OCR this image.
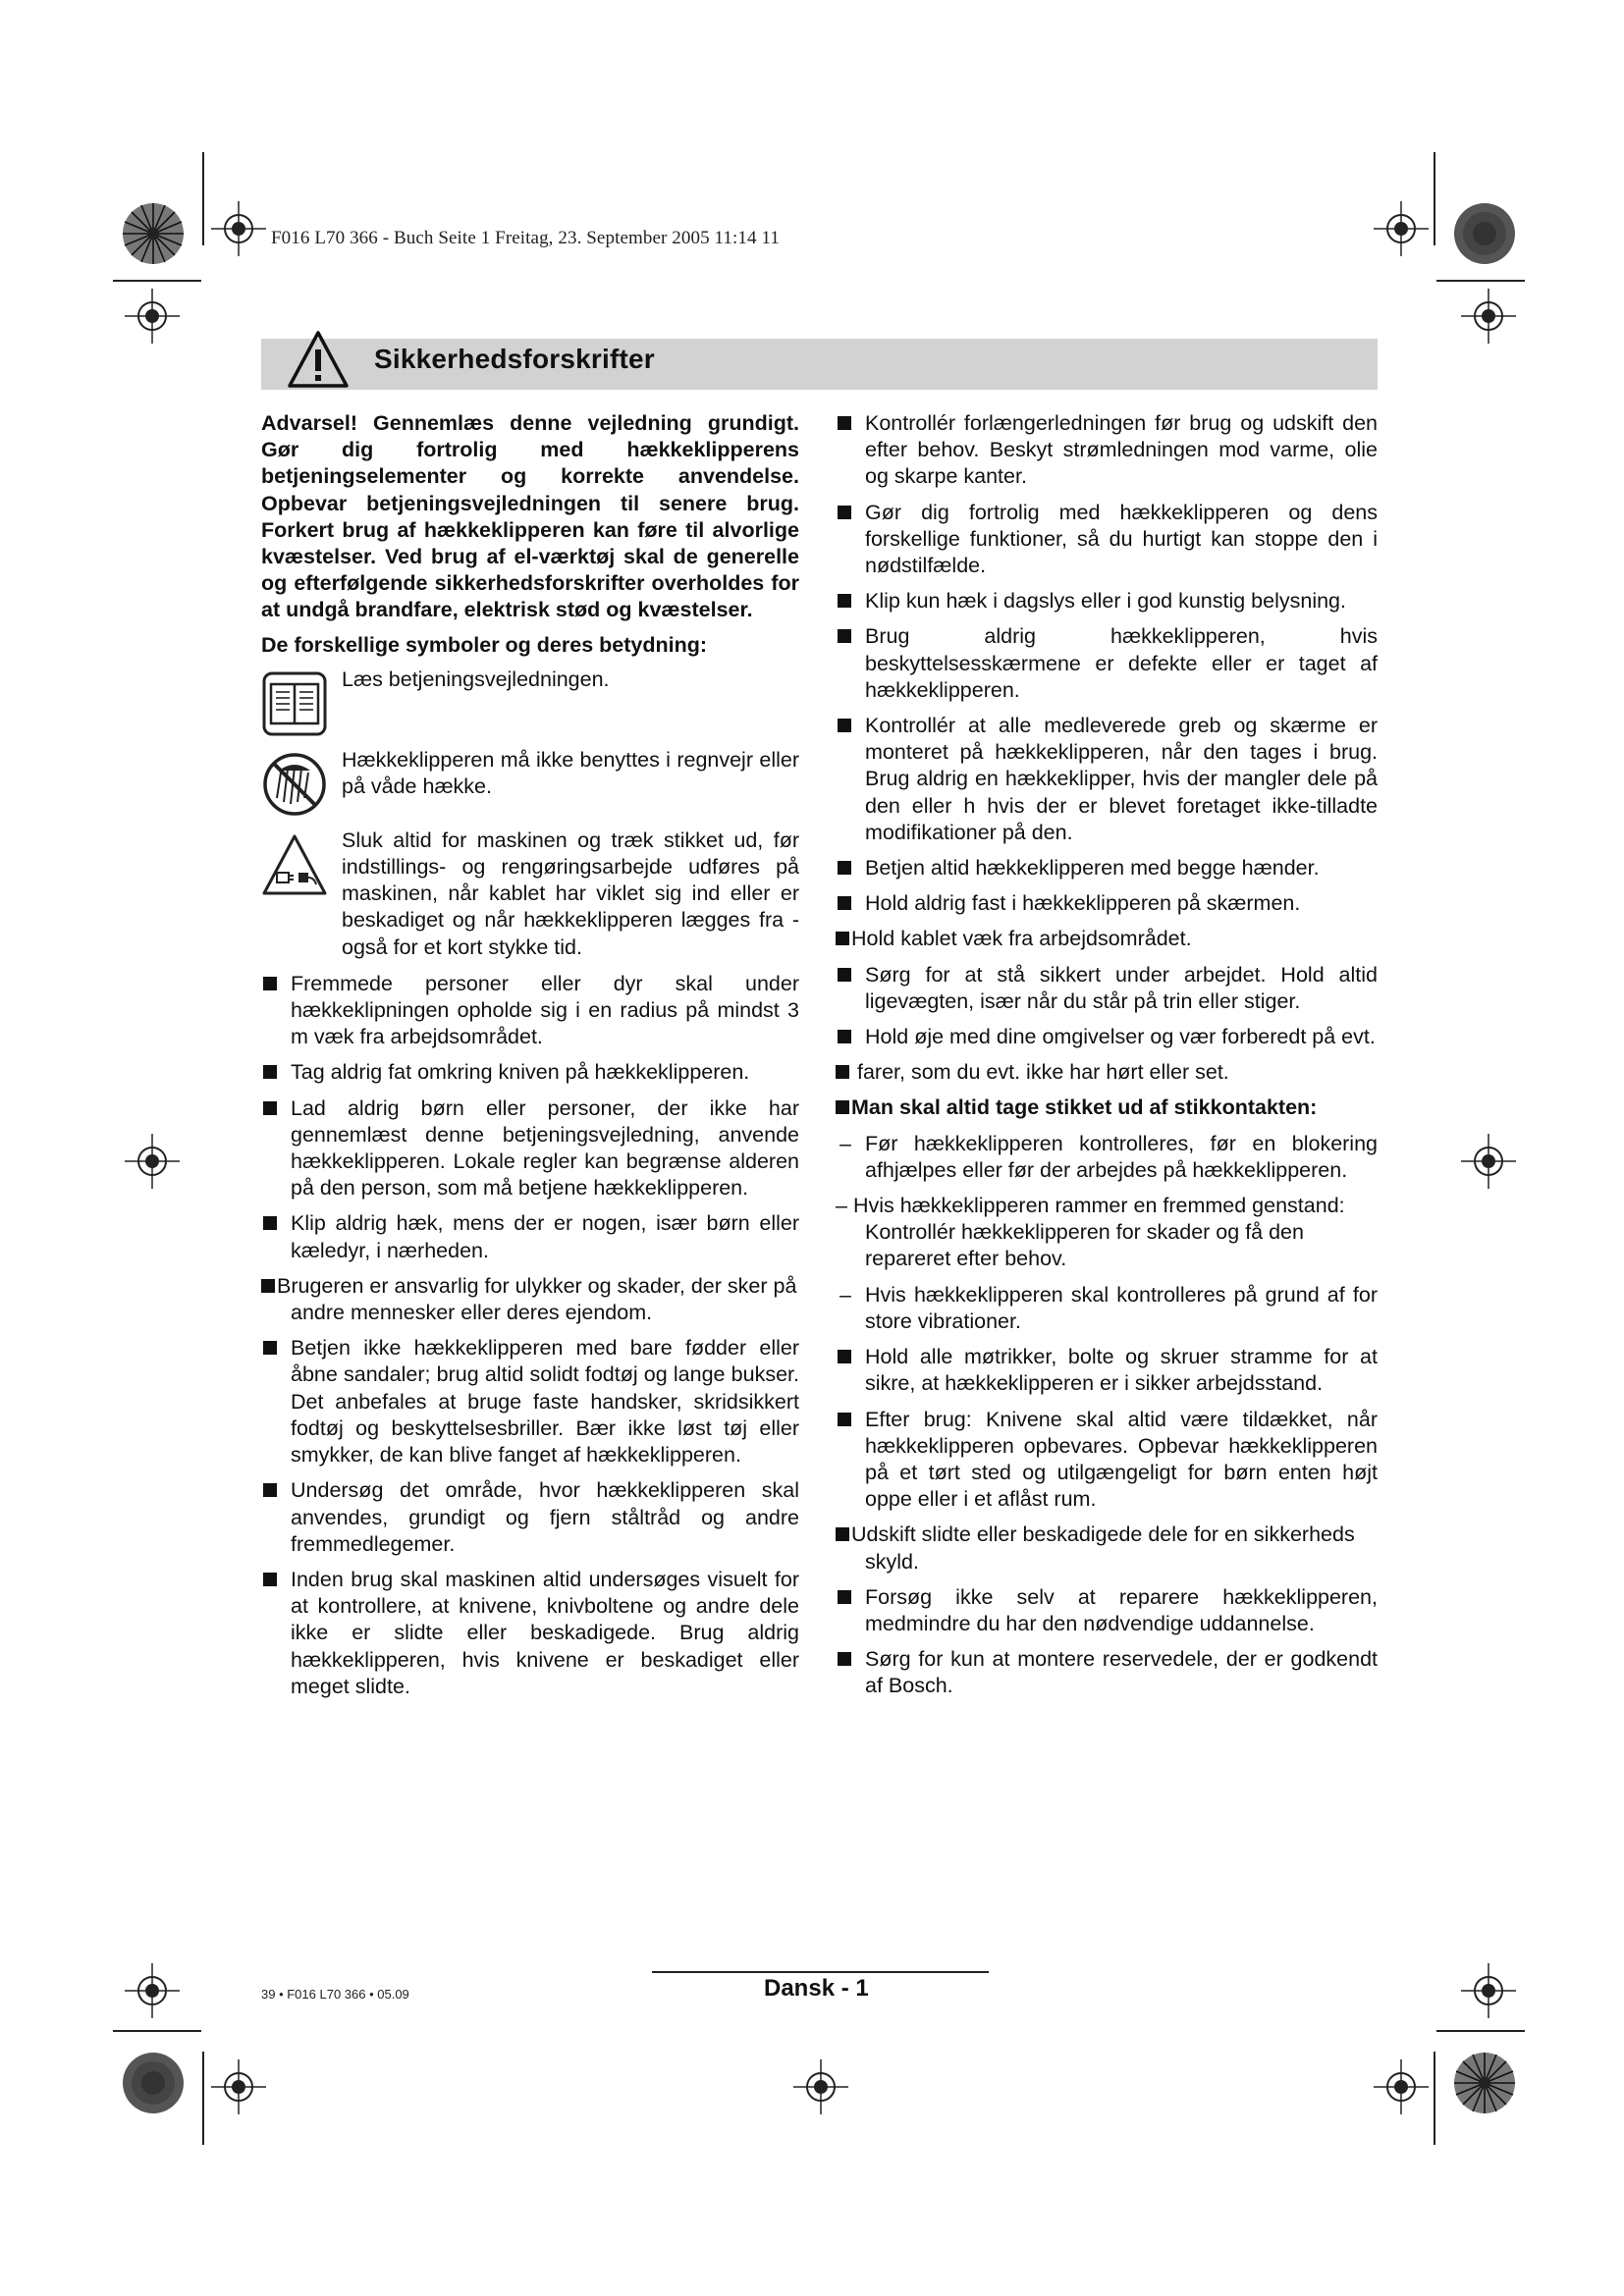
F016 L70 366 - Buch Seite 1 Freitag, 23. September 2005 11:14 11
Sikkerhedsforskrifter

Advarsel! Gennemlæs denne vejledning grundigt. Gør dig fortrolig med hækkeklipperens betjeningselementer og korrekte anvendelse. Opbevar betjeningsvejledningen til senere brug. Forkert brug af hækkeklipperen kan føre til alvorlige kvæstelser. Ved brug af el-værktøj skal de generelle og efterfølgende sikkerhedsforskrifter overholdes for at undgå brandfare, elektrisk stød og kvæstelser.

De forskellige symboler og deres betydning:

Læs betjeningsvejledningen.
Hækkeklipperen må ikke benyttes i regnvejr eller på våde hække.
Sluk altid for maskinen og træk stikket ud, før indstillings- og rengøringsarbejde udføres på maskinen, når kablet har viklet sig ind eller er beskadiget og når hækkeklipperen lægges fra - også for et kort stykke tid.
Fremmede personer eller dyr skal under hækkeklipningen opholde sig i en radius på mindst 3 m væk fra arbejdsområdet.
Tag aldrig fat omkring kniven på hækkeklipperen.
Lad aldrig børn eller personer, der ikke har gennemlæst denne betjeningsvejledning, anvende hækkeklipperen. Lokale regler kan begrænse alderen på den person, som må betjene hækkeklipperen.
Klip aldrig hæk, mens der er nogen, især børn eller kæledyr, i nærheden.
Brugeren er ansvarlig for ulykker og skader, der sker på andre mennesker eller deres ejendom.
Betjen ikke hækkeklipperen med bare fødder eller åbne sandaler; brug altid solidt fodtøj og lange bukser. Det anbefales at bruge faste handsker, skridsikkert fodtøj og beskyttelsesbriller. Bær ikke løst tøj eller smykker, de kan blive fanget af hækkeklipperen.
Undersøg det område, hvor hækkeklipperen skal anvendes, grundigt og fjern ståltråd og andre fremmedlegemer.
Inden brug skal maskinen altid undersøges visuelt for at kontrollere, at knivene, knivboltene og andre dele ikke er slidte eller beskadigede. Brug aldrig hækkeklipperen, hvis knivene er beskadiget eller meget slidte.
Kontrollér forlængerledningen før brug og udskift den efter behov. Beskyt strømledningen mod varme, olie og skarpe kanter.
Gør dig fortrolig med hækkeklipperen og dens forskellige funktioner, så du hurtigt kan stoppe den i nødstilfælde.
Klip kun hæk i dagslys eller i god kunstig belysning.
Brug aldrig hækkeklipperen, hvis beskyttelsesskærmene er defekte eller er taget af hækkeklipperen.
Kontrollér at alle medleverede greb og skærme er monteret på hækkeklipperen, når den tages i brug. Brug aldrig en hækkeklipper, hvis der mangler dele på den eller h hvis der er blevet foretaget ikke-tilladte modifikationer på den.
Betjen altid hækkeklipperen med begge hænder.
Hold aldrig fast i hækkeklipperen på skærmen.
Hold kablet væk fra arbejdsområdet.
Sørg for at stå sikkert under arbejdet. Hold altid ligevægten, især når du står på trin eller stiger.
Hold øje med dine omgivelser og vær forberedt på evt.
farer, som du evt. ikke har hørt eller set.
Man skal altid tage stikket ud af stikkontakten:
– Før hækkeklipperen kontrolleres, før en blokering afhjælpes eller før der arbejdes på hækkeklipperen.
– Hvis hækkeklipperen rammer en fremmed genstand: Kontrollér hækkeklipperen for skader og få den repareret efter behov.
– Hvis hækkeklipperen skal kontrolleres på grund af for store vibrationer.
Hold alle møtrikker, bolte og skruer stramme for at sikre, at hækkeklipperen er i sikker arbejdsstand.
Efter brug: Knivene skal altid være tildækket, når hækkeklipperen opbevares. Opbevar hækkeklipperen på et tørt sted og utilgængeligt for børn enten højt oppe eller i et aflåst rum.
Udskift slidte eller beskadigede dele for en sikkerheds skyld.
Forsøg ikke selv at reparere hækkeklipperen, medmindre du har den nødvendige uddannelse.
Sørg for kun at montere reservedele, der er godkendt af Bosch.
39 • F016 L70 366 • 05.09	Dansk - 1
